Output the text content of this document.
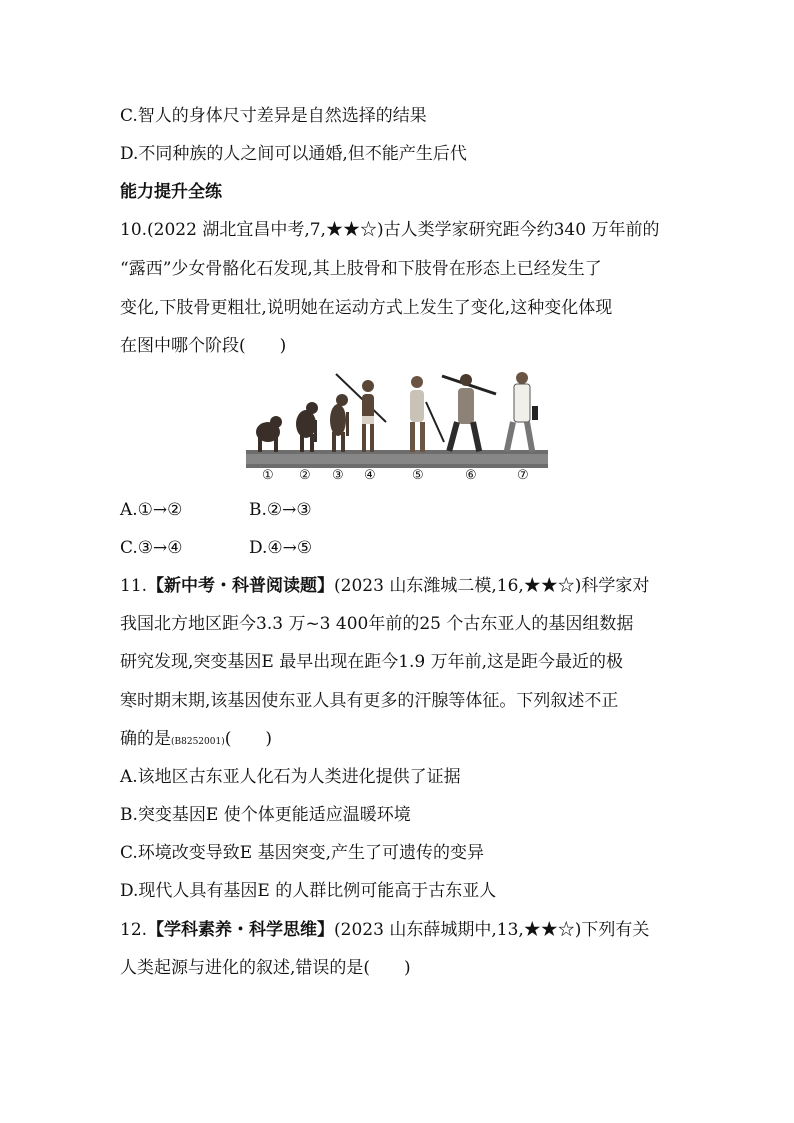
C.智人的身体尺寸差异是自然选择的结果
D.不同种族的人之间可以通婚,但不能产生后代
能力提升全练
10.(2022 湖北宜昌中考,7,★★☆)古人类学家研究距今约340 万年前的
“露西”少女骨骼化石发现,其上肢骨和下肢骨在形态上已经发生了
变化,下肢骨更粗壮,说明她在运动方式上发生了变化,这种变化体现
在图中哪个阶段(　　)
① ② ③ ④	⑤	⑥	⑦
A.①→②	B.②→③
C.③→④	D.④→⑤
11.【新中考・科普阅读题】(2023 山东潍城二模,16,★★☆)科学家对
我国北方地区距今3.3 万~3 400年前的25 个古东亚人的基因组数据
研究发现,突变基因E 最早出现在距今1.9 万年前,这是距今最近的极
寒时期末期,该基因使东亚人具有更多的汗腺等体征。下列叙述不正
确的是(B8252001)(　　)
A.该地区古东亚人化石为人类进化提供了证据
B.突变基因E 使个体更能适应温暖环境
C.环境改变导致E 基因突变,产生了可遗传的变异
D.现代人具有基因E 的人群比例可能高于古东亚人
12.【学科素养・科学思维】(2023 山东薛城期中,13,★★☆)下列有关
人类起源与进化的叙述,错误的是(　　)
